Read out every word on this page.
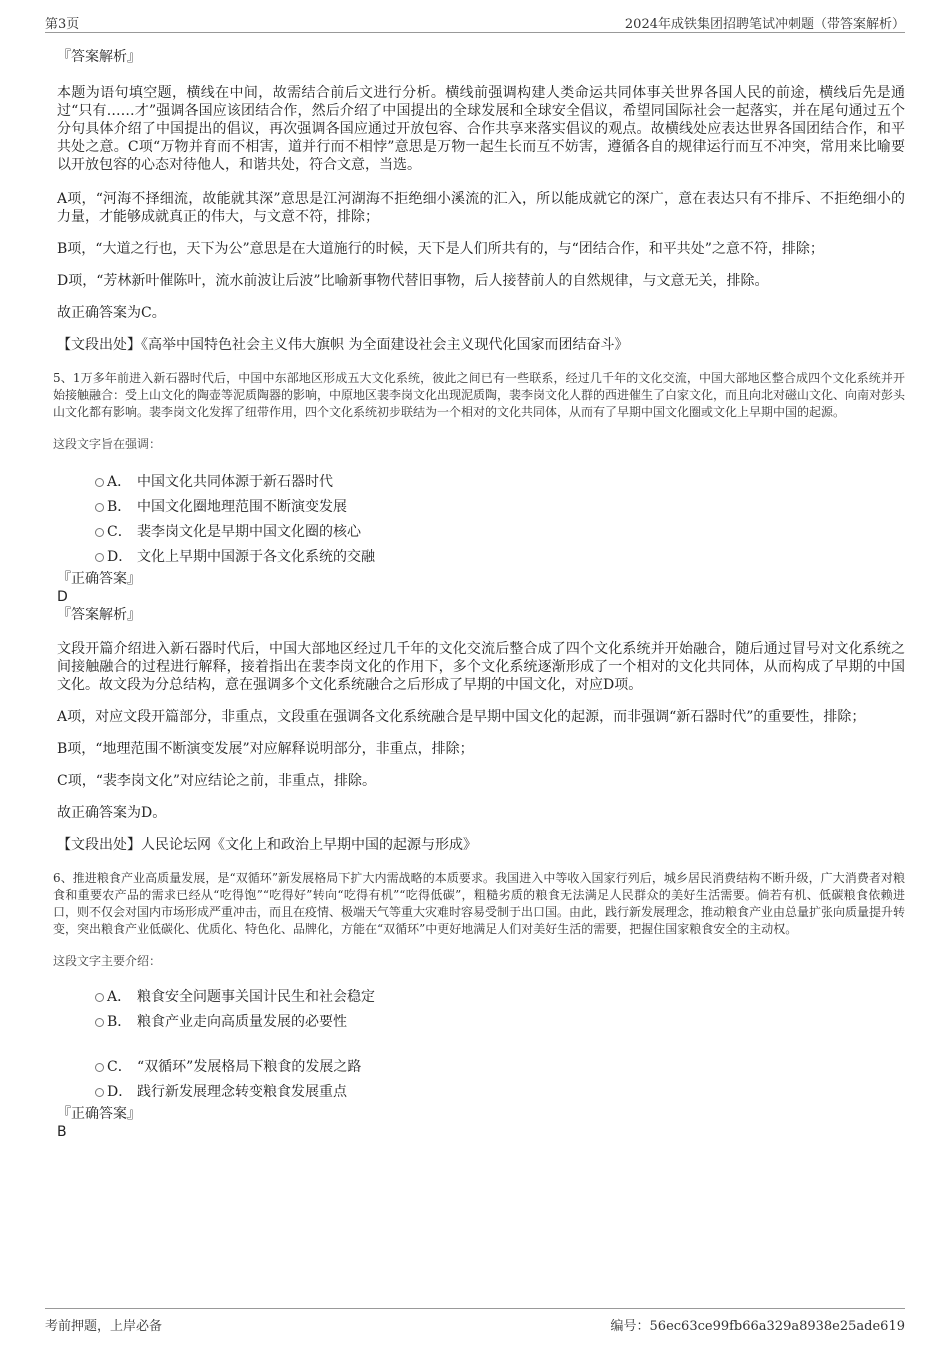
第3页	2024年成铁集团招聘笔试冲刺题（带答案解析）
『答案解析』

本题为语句填空题，横线在中间，故需结合前后文进行分析。横线前强调构建人类命运共同体事关世界各国人民的前途，横线后先是通过“只有……才”强调各国应该团结合作，然后介绍了中国提出的全球发展和全球安全倡议，希望同国际社会一起落实，并在尾句通过五个分句具体介绍了中国提出的倡议，再次强调各国应通过开放包容、合作共享来落实倡议的观点。故横线处应表达世界各国团结合作，和平共处之意。C项“万物并育而不相害，道并行而不相悖”意思是万物一起生长而互不妨害，遵循各自的规律运行而互不冲突，常用来比喻要以开放包容的心态对待他人，和谐共处，符合文意，当选。

A项，“河海不择细流，故能就其深”意思是江河湖海不拒绝细小溪流的汇入，所以能成就它的深广，意在表达只有不排斥、不拒绝细小的力量，才能够成就真正的伟大，与文意不符，排除；

B项，“大道之行也，天下为公”意思是在大道施行的时候，天下是人们所共有的，与“团结合作，和平共处”之意不符，排除；

D项，“芳林新叶催陈叶，流水前波让后波”比喻新事物代替旧事物，后人接替前人的自然规律，与文意无关，排除。

故正确答案为C。

【文段出处】《高举中国特色社会主义伟大旗帜 为全面建设社会主义现代化国家而团结奋斗》

5、1万多年前进入新石器时代后，中国中东部地区形成五大文化系统，彼此之间已有一些联系，经过几千年的文化交流，中国大部地区整合成四个文化系统并开始接触融合：受上山文化的陶壶等泥质陶器的影响，中原地区裴李岗文化出现泥质陶，裴李岗文化人群的西进催生了白家文化，而且向北对磁山文化、向南对彭头山文化都有影响。裴李岗文化发挥了纽带作用，四个文化系统初步联结为一个相对的文化共同体，从而有了早期中国文化圈或文化上早期中国的起源。

这段文字旨在强调：
A． 中国文化共同体源于新石器时代
B． 中国文化圈地理范围不断演变发展
C． 裴李岗文化是早期中国文化圈的核心
D． 文化上早期中国源于各文化系统的交融
『正确答案』
D
『答案解析』

文段开篇介绍进入新石器时代后，中国大部地区经过几千年的文化交流后整合成了四个文化系统并开始融合，随后通过冒号对文化系统之间接触融合的过程进行解释，接着指出在裴李岗文化的作用下，多个文化系统逐渐形成了一个相对的文化共同体，从而构成了早期的中国文化。故文段为分总结构，意在强调多个文化系统融合之后形成了早期的中国文化，对应D项。

A项，对应文段开篇部分，非重点，文段重在强调各文化系统融合是早期中国文化的起源，而非强调“新石器时代”的重要性，排除；

B项，“地理范围不断演变发展”对应解释说明部分，非重点，排除；

C项，“裴李岗文化”对应结论之前，非重点，排除。

故正确答案为D。

【文段出处】人民论坛网《文化上和政治上早期中国的起源与形成》

6、推进粮食产业高质量发展，是“双循环”新发展格局下扩大内需战略的本质要求。我国进入中等收入国家行列后，城乡居民消费结构不断升级，广大消费者对粮食和重要农产品的需求已经从“吃得饱”“吃得好”转向“吃得有机”“吃得低碳”，粗糙劣质的粮食无法满足人民群众的美好生活需要。倘若有机、低碳粮食依赖进口，则不仅会对国内市场形成严重冲击，而且在疫情、极端天气等重大灾难时容易受制于出口国。由此，践行新发展理念，推动粮食产业由总量扩张向质量提升转变，突出粮食产业低碳化、优质化、特色化、品牌化，方能在“双循环”中更好地满足人们对美好生活的需要，把握住国家粮食安全的主动权。

这段文字主要介绍：
A． 粮食安全问题事关国计民生和社会稳定
B． 粮食产业走向高质量发展的必要性
C． “双循环”发展格局下粮食的发展之路
D． 践行新发展理念转变粮食发展重点
『正确答案』
B
考前押题，上岸必备	编号：56ec63ce99fb66a329a8938e25ade619
